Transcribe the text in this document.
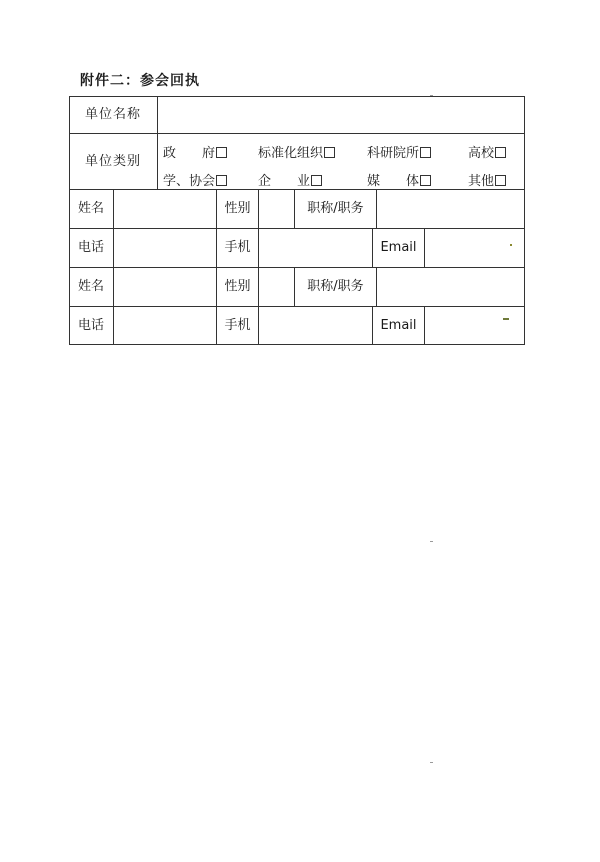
附件二：参会回执
单位名称
单位类别	政　　府	标准化组织	科研院所	高校
学、协会	企　　业	媒　　体	其他
姓名	性别	职称/职务
电话	手机	Email
姓名	性别	职称/职务
电话	手机	Email
